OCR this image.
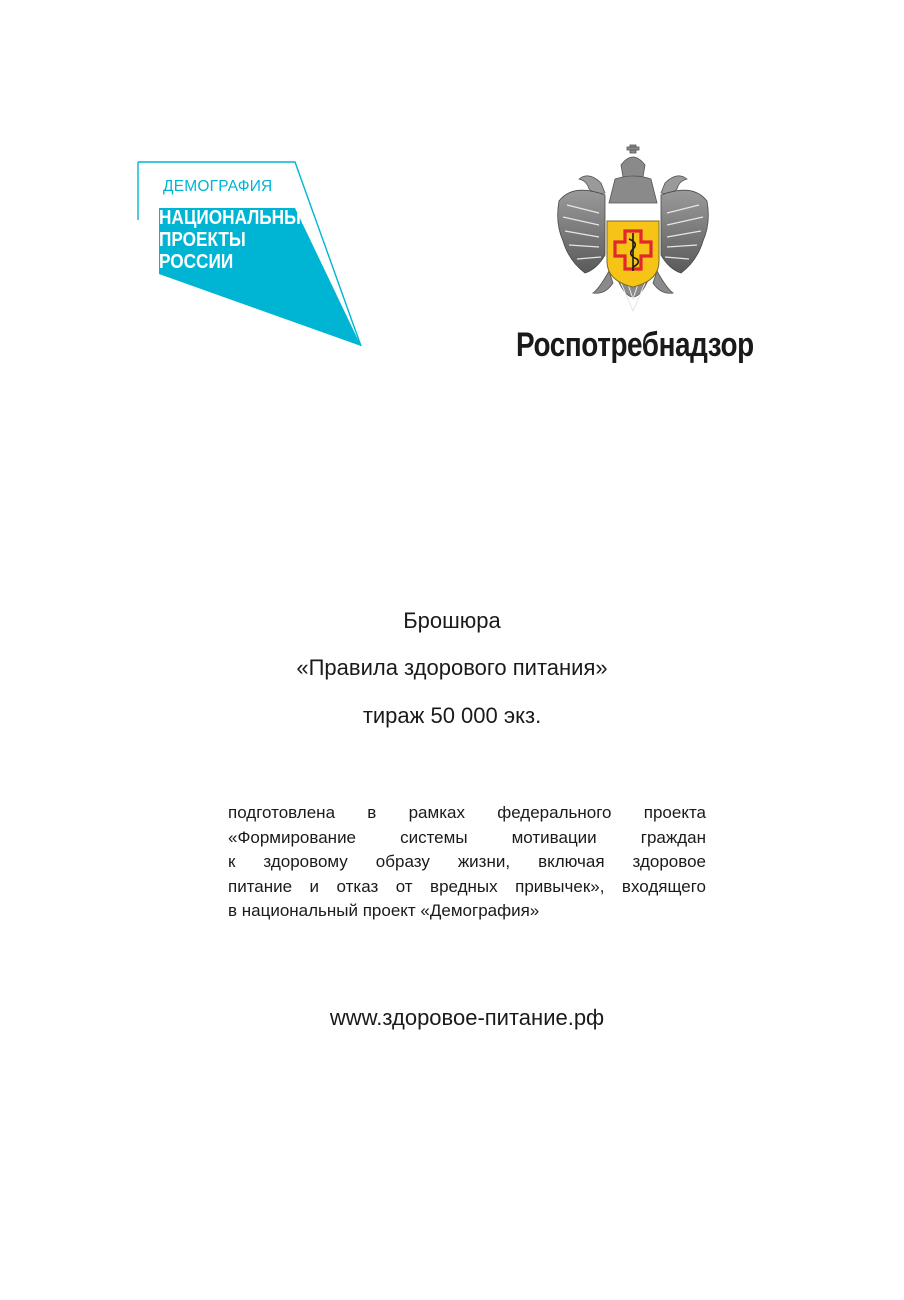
ДЕМОГРАФИЯ
НАЦИОНАЛЬНЫЕ
ПРОЕКТЫ
РОССИИ
Роспотребнадзор
Брошюра
«Правила здорового питания»
тираж 50 000 экз.
подготовлена в рамках федерального проекта
«Формирование системы мотивации граждан
к здоровому образу жизни, включая здоровое
питание и отказ от вредных привычек», входящего
в национальный проект «Демография»
www.здоровое-питание.рф
